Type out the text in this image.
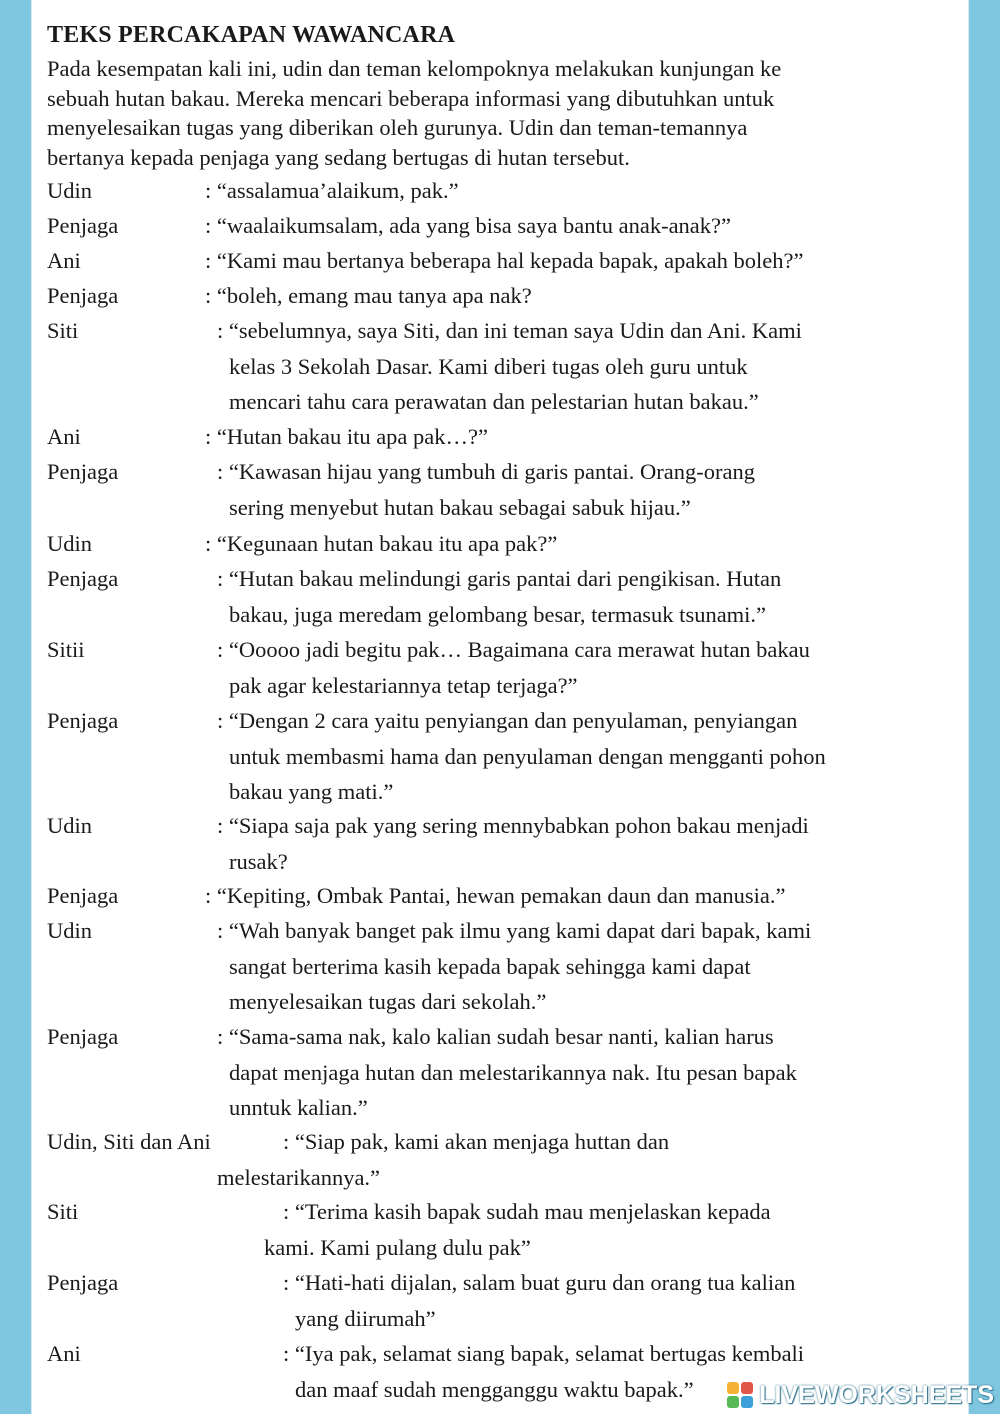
TEKS PERCAKAPAN WAWANCARA
Pada kesempatan kali ini, udin dan teman kelompoknya melakukan kunjungan ke
sebuah hutan bakau. Mereka mencari beberapa informasi yang dibutuhkan untuk
menyelesaikan tugas yang diberikan oleh gurunya. Udin dan teman-temannya
bertanya kepada penjaga yang sedang bertugas di hutan tersebut.
Udin	: “assalamua’alaikum, pak.”
Penjaga	: “waalaikumsalam, ada yang bisa saya bantu anak-anak?”
Ani	: “Kami mau bertanya beberapa hal kepada bapak, apakah boleh?”
Penjaga	: “boleh, emang mau tanya apa nak?
Siti	: “sebelumnya, saya Siti, dan ini teman saya Udin dan Ani. Kami
kelas 3 Sekolah Dasar. Kami diberi tugas oleh guru untuk
mencari tahu cara perawatan dan pelestarian hutan bakau.”
Ani	: “Hutan bakau itu apa pak…?”
Penjaga	: “Kawasan hijau yang tumbuh di garis pantai. Orang-orang
sering menyebut hutan bakau sebagai sabuk hijau.”
Udin	: “Kegunaan hutan bakau itu apa pak?”
Penjaga	: “Hutan bakau melindungi garis pantai dari pengikisan. Hutan
bakau, juga meredam gelombang besar, termasuk tsunami.”
Sitii	: “Ooooo jadi begitu pak… Bagaimana cara merawat hutan bakau
pak agar kelestariannya tetap terjaga?”
Penjaga	: “Dengan 2 cara yaitu penyiangan dan penyulaman, penyiangan
untuk membasmi hama dan penyulaman dengan mengganti pohon
bakau yang mati.”
Udin	: “Siapa saja pak yang sering mennybabkan pohon bakau menjadi
rusak?
Penjaga	: “Kepiting, Ombak Pantai, hewan pemakan daun dan manusia.”
Udin	: “Wah banyak banget pak ilmu yang kami dapat dari bapak, kami
sangat berterima kasih kepada bapak sehingga kami dapat
menyelesaikan tugas dari sekolah.”
Penjaga	: “Sama-sama nak, kalo kalian sudah besar nanti, kalian harus
dapat menjaga hutan dan melestarikannya nak. Itu pesan bapak
unntuk kalian.”
Udin, Siti dan Ani	: “Siap pak, kami akan menjaga huttan dan
melestarikannya.”
Siti	: “Terima kasih bapak sudah mau menjelaskan kepada
kami. Kami pulang dulu pak”
Penjaga	: “Hati-hati dijalan, salam buat guru dan orang tua kalian
yang diirumah”
Ani	: “Iya pak, selamat siang bapak, selamat bertugas kembali
dan maaf sudah mengganggu waktu bapak.”	LIVEWORKSHEETS
